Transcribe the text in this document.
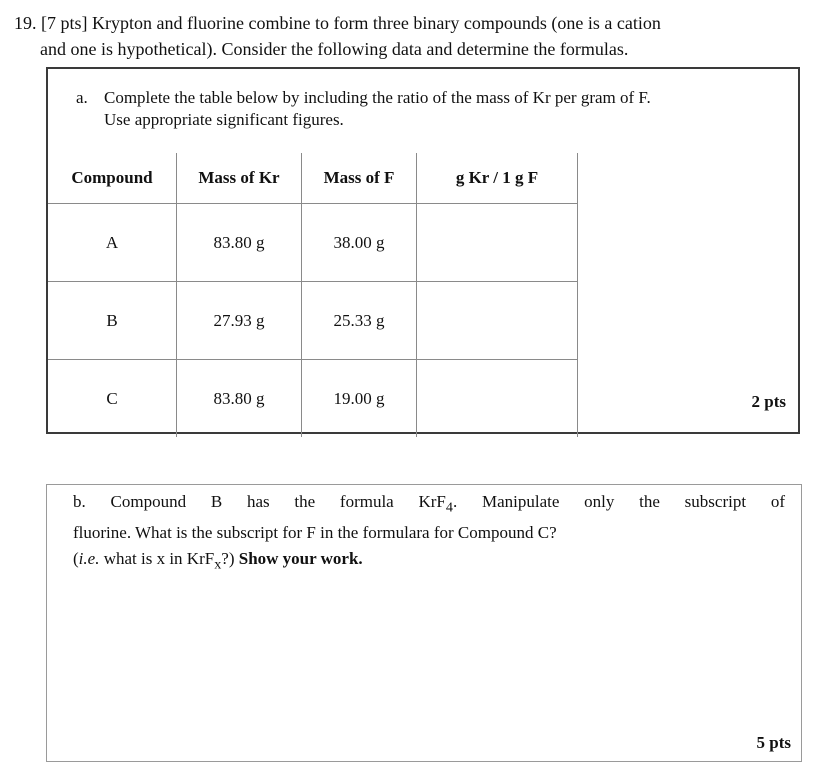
19. [7 pts] Krypton and fluorine combine to form three binary compounds (one is a cation
and one is hypothetical). Consider the following data and determine the formulas.
a. Complete the table below by including the ratio of the mass of Kr per gram of F.
Use appropriate significant figures.
Compound	Mass of Kr	Mass of F	g Kr / 1 g F
A	83.80 g	38.00 g	
B	27.93 g	25.33 g	
C	83.80 g	19.00 g		2 pts
b. Compound B has the formula KrF$_4$. Manipulate only the subscript of
fluorine. What is the subscript for F in the formulara for Compound C?
(i.e. what is x in KrF$_x$?) Show your work.
5 pts
